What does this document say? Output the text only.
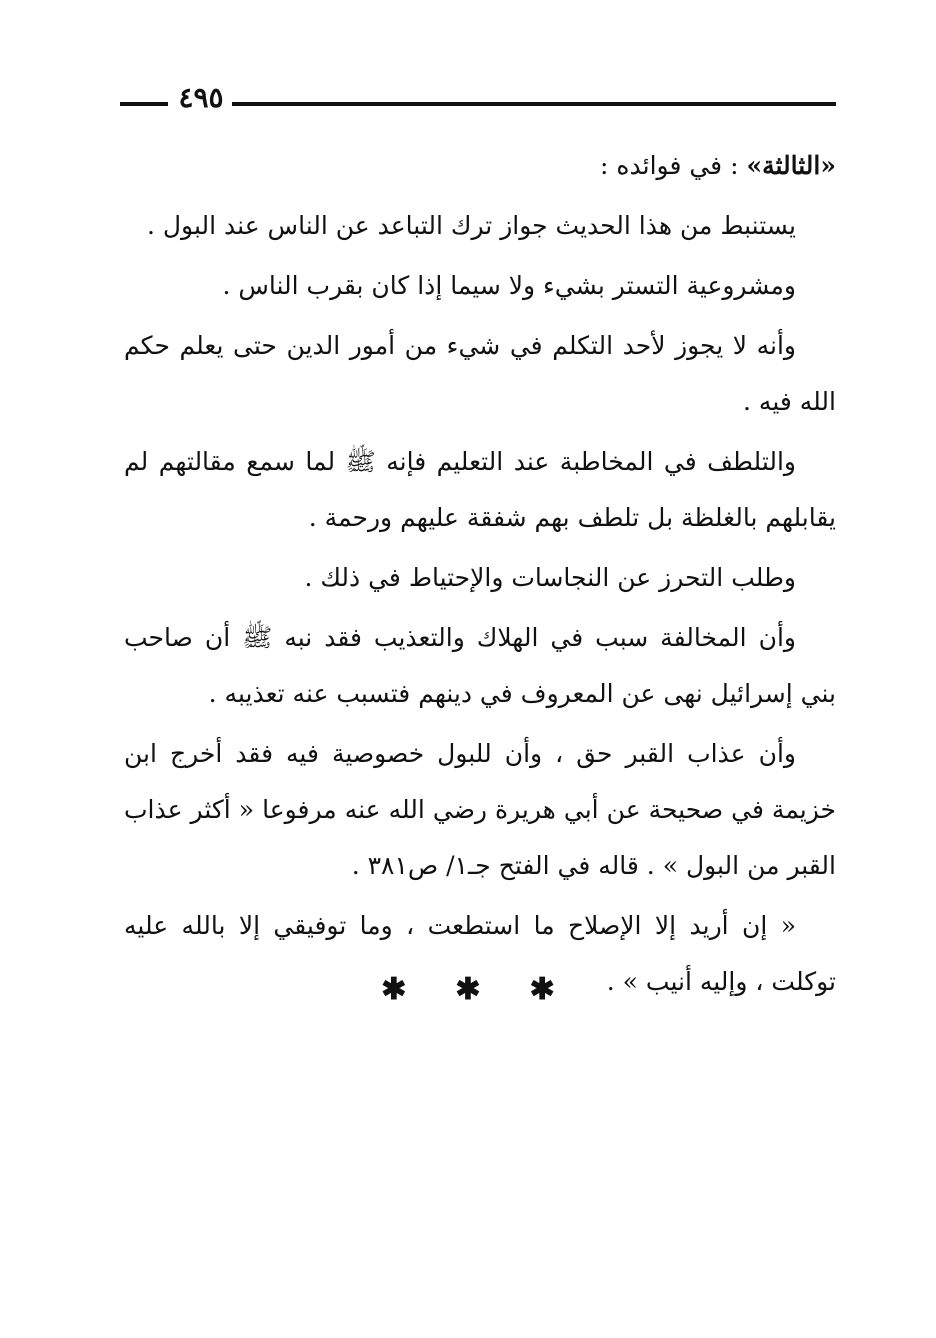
٤٩٥

«الثالثة» : في فوائده :

يستنبط من هذا الحديث جواز ترك التباعد عن الناس عند البول .

ومشروعية التستر بشيء ولا سيما إذا كان بقرب الناس .

وأنه لا يجوز لأحد التكلم في شيء من أمور الدين حتى يعلم حكم الله فيه .

والتلطف في المخاطبة عند التعليم فإنه ﷺ لما سمع مقالتهم لم يقابلهم بالغلظة بل تلطف بهم شفقة عليهم ورحمة .

وطلب التحرز عن النجاسات والإحتياط في ذلك .

وأن المخالفة سبب في الهلاك والتعذيب فقد نبه ﷺ أن صاحب بني إسرائيل نهى عن المعروف في دينهم فتسبب عنه تعذيبه .

وأن عذاب القبر حق ، وأن للبول خصوصية فيه فقد أخرج ابن خزيمة في صحيحة عن أبي هريرة رضي الله عنه مرفوعا « أكثر عذاب القبر من البول » . قاله في الفتح جـ١/ ص٣٨١ .

« إن أريد إلا الإصلاح ما استطعت ، وما توفيقي إلا بالله عليه توكلت ، وإليه أنيب » .

✱ ✱ ✱
